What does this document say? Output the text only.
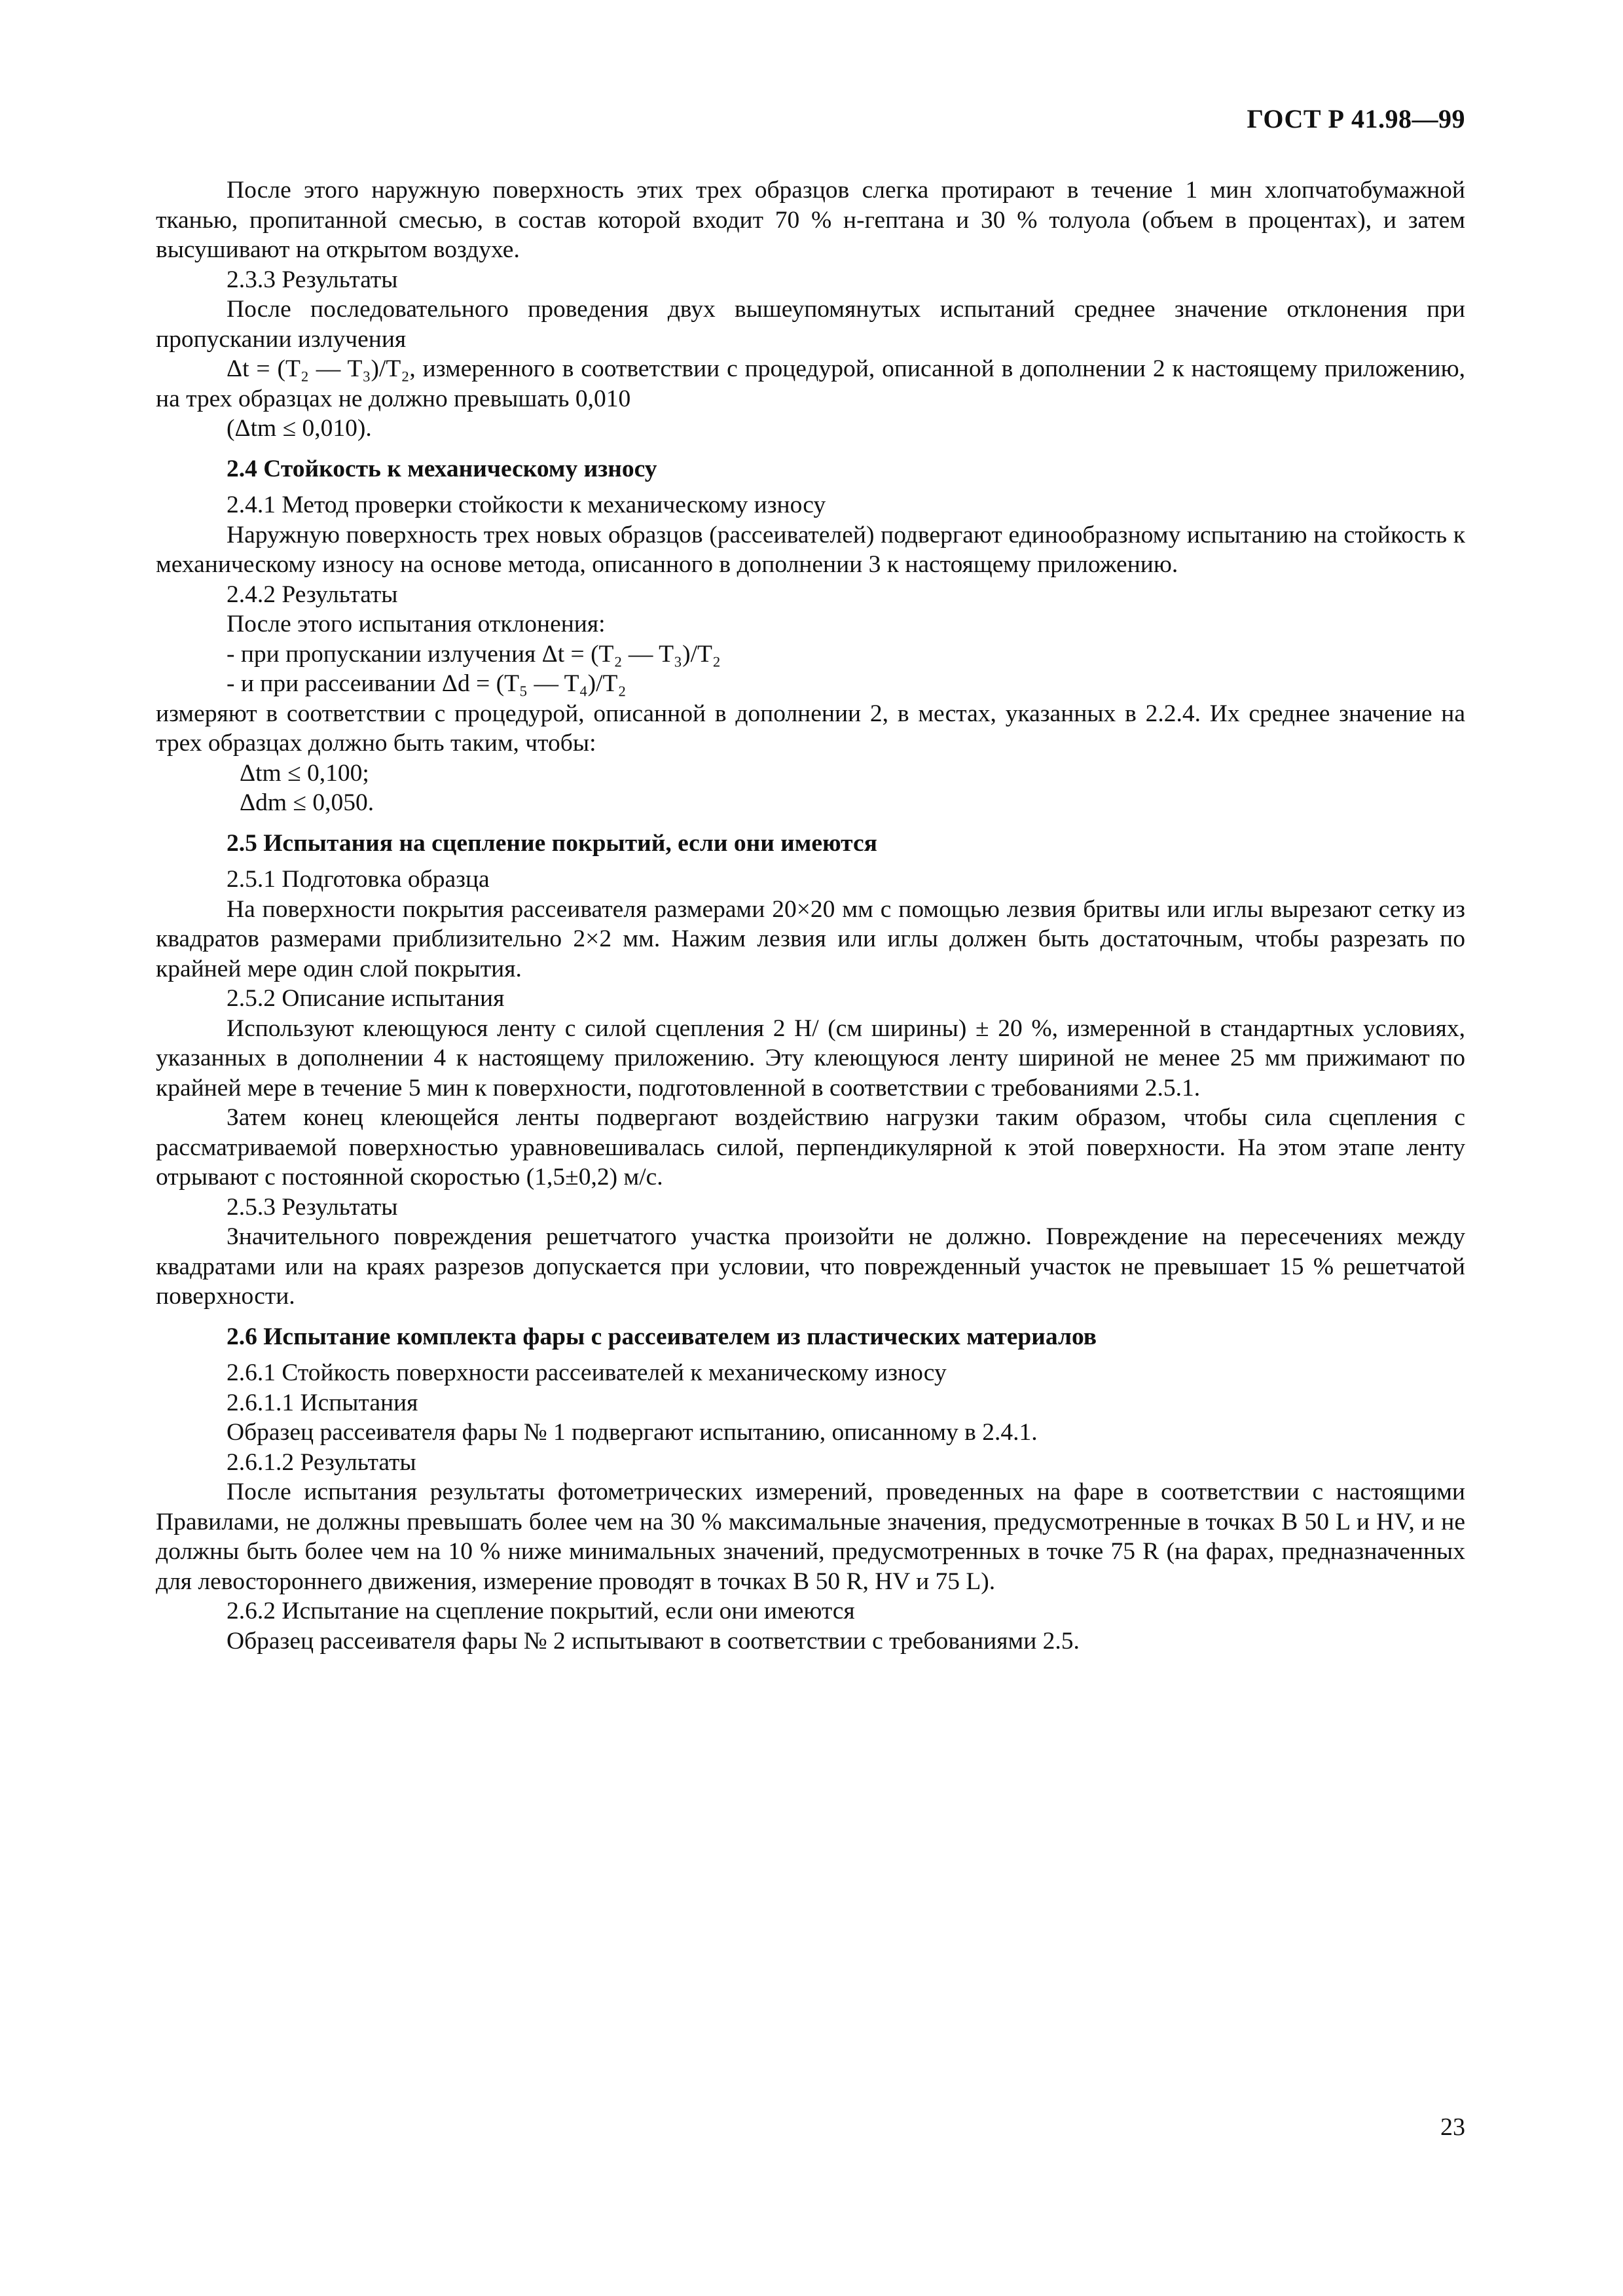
ГОСТ Р 41.98—99

После этого наружную поверхность этих трех образцов слегка протирают в течение 1 мин хлопчатобумажной тканью, пропитанной смесью, в состав которой входит 70 % н-гептана и 30 % толуола (объем в процентах), и затем высушивают на открытом воздухе.

2.3.3 Результаты

После последовательного проведения двух вышеупомянутых испытаний среднее значение отклонения при пропускании излучения

Δt = (T₂ — T₃)/T₂, измеренного в соответствии с процедурой, описанной в дополнении 2 к настоящему приложению, на трех образцах не должно превышать 0,010

(Δtm ≤ 0,010).

2.4 Стойкость к механическому износу

2.4.1 Метод проверки стойкости к механическому износу

Наружную поверхность трех новых образцов (рассеивателей) подвергают единообразному испытанию на стойкость к механическому износу на основе метода, описанного в дополнении 3 к настоящему приложению.

2.4.2 Результаты

После этого испытания отклонения:

- при пропускании излучения Δt = (T₂ — T₃)/T₂

- и при рассеивании Δd = (T₅ — T₄)/T₂

измеряют в соответствии с процедурой, описанной в дополнении 2, в местах, указанных в 2.2.4. Их среднее значение на трех образцах должно быть таким, чтобы:

Δtm ≤ 0,100;

Δdm ≤ 0,050.

2.5 Испытания на сцепление покрытий, если они имеются

2.5.1 Подготовка образца

На поверхности покрытия рассеивателя размерами 20×20 мм с помощью лезвия бритвы или иглы вырезают сетку из квадратов размерами приблизительно 2×2 мм. Нажим лезвия или иглы должен быть достаточным, чтобы разрезать по крайней мере один слой покрытия.

2.5.2 Описание испытания

Используют клеющуюся ленту с силой сцепления 2 Н/ (см ширины) ± 20 %, измеренной в стандартных условиях, указанных в дополнении 4 к настоящему приложению. Эту клеющуюся ленту шириной не менее 25 мм прижимают по крайней мере в течение 5 мин к поверхности, подготовленной в соответствии с требованиями 2.5.1.

Затем конец клеющейся ленты подвергают воздействию нагрузки таким образом, чтобы сила сцепления с рассматриваемой поверхностью уравновешивалась силой, перпендикулярной к этой поверхности. На этом этапе ленту отрывают с постоянной скоростью (1,5±0,2) м/с.

2.5.3 Результаты

Значительного повреждения решетчатого участка произойти не должно. Повреждение на пересечениях между квадратами или на краях разрезов допускается при условии, что поврежденный участок не превышает 15 % решетчатой поверхности.

2.6 Испытание комплекта фары с рассеивателем из пластических материалов

2.6.1 Стойкость поверхности рассеивателей к механическому износу

2.6.1.1 Испытания

Образец рассеивателя фары № 1 подвергают испытанию, описанному в 2.4.1.

2.6.1.2 Результаты

После испытания результаты фотометрических измерений, проведенных на фаре в соответствии с настоящими Правилами, не должны превышать более чем на 30 % максимальные значения, предусмотренные в точках B 50 L и HV, и не должны быть более чем на 10 % ниже минимальных значений, предусмотренных в точке 75 R (на фарах, предназначенных для левостороннего движения, измерение проводят в точках B 50 R, HV и 75 L).

2.6.2 Испытание на сцепление покрытий, если они имеются

Образец рассеивателя фары № 2 испытывают в соответствии с требованиями 2.5.

23
